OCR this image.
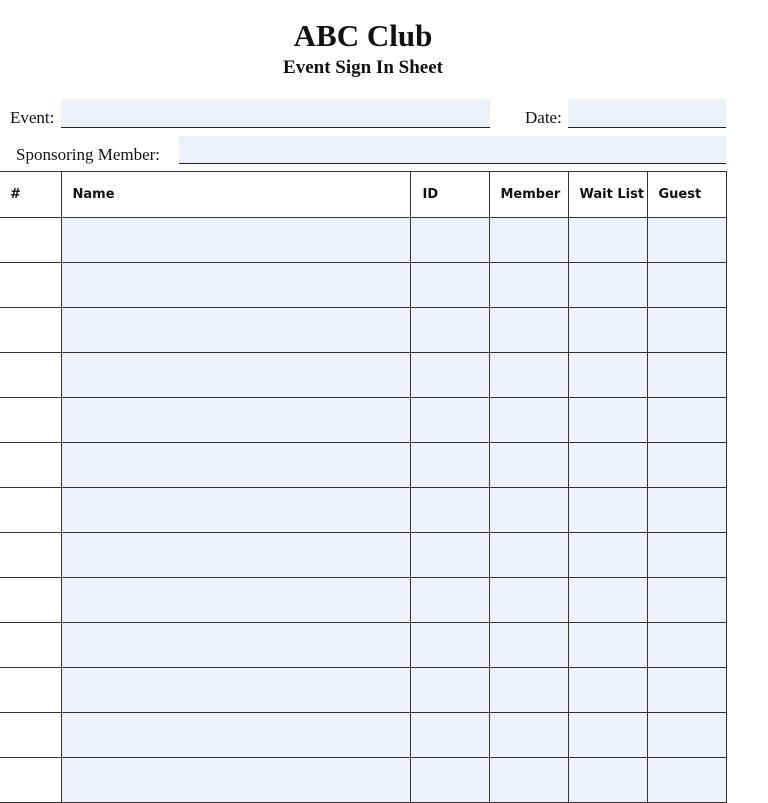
ABC Club
Event Sign In Sheet
Event:	Date:
Sponsoring Member:
#	Name	ID	Member	Wait List	Guest
